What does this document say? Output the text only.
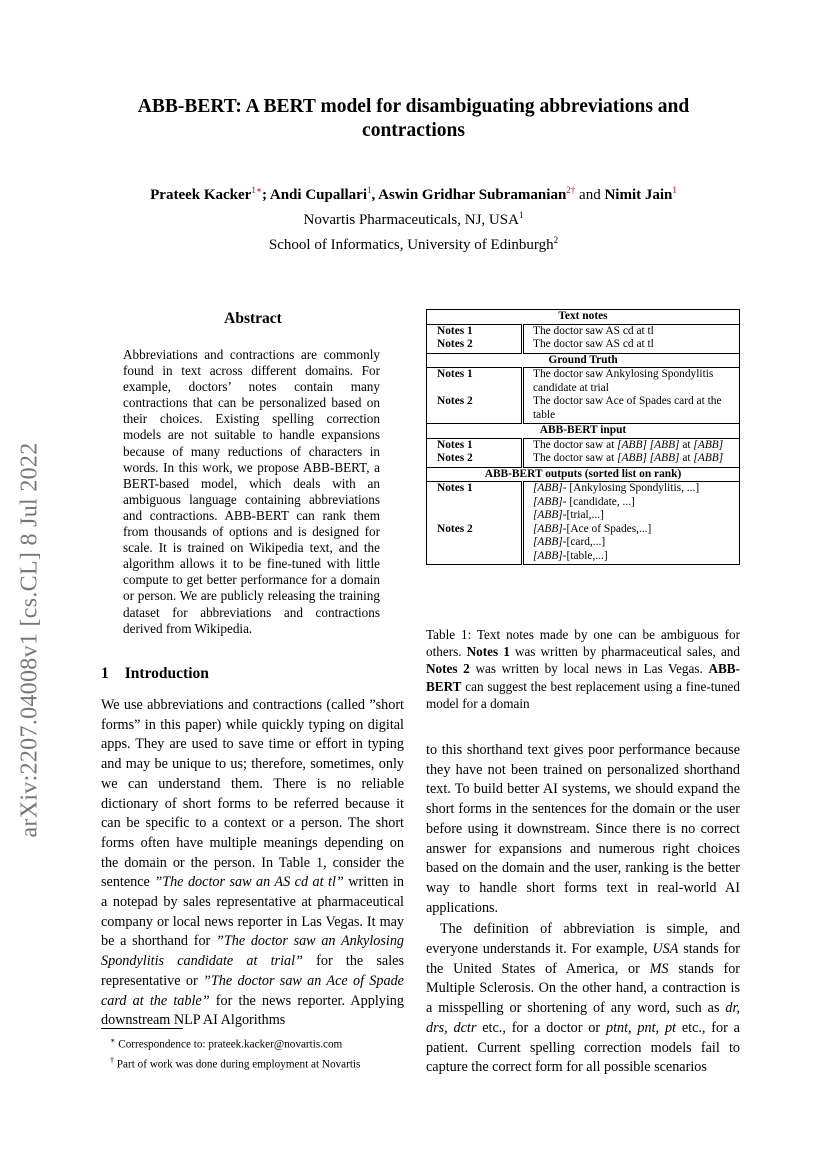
arXiv:2207.04008v1 [cs.CL] 8 Jul 2022
ABB-BERT: A BERT model for disambiguating abbreviations and
contractions
Prateek Kacker$^{1∗}$; Andi Cupallari$^1$, Aswin Gridhar Subramanian$^{2\dagger}$ and Nimit Jain$^1$
Novartis Pharmaceuticals, NJ, USA$^1$
School of Informatics, University of Edinburgh$^2$
Abstract
Abbreviations and contractions are commonly found in text across different domains. For example, doctors’ notes contain many contractions that can be personalized based on their choices. Existing spelling correction models are not suitable to handle expansions because of many reductions of characters in words. In this work, we propose ABB-BERT, a BERT-based model, which deals with an ambiguous language containing abbreviations and contractions. ABB-BERT can rank them from thousands of options and is designed for scale. It is trained on Wikipedia text, and the algorithm allows it to be fine-tuned with little compute to get better performance for a domain or person. We are publicly releasing the training dataset for abbreviations and contractions derived from Wikipedia.
1 Introduction
We use abbreviations and contractions (called ”short forms” in this paper) while quickly typing on digital apps. They are used to save time or effort in typing and may be unique to us; therefore, sometimes, only we can understand them. There is no reliable dictionary of short forms to be referred because it can be specific to a context or a person. The short forms often have multiple meanings depending on the domain or the person. In Table 1, consider the sentence ”The doctor saw an AS cd at tl” written in a notepad by sales representative at pharmaceutical company or local news reporter in Las Vegas. It may be a shorthand for ”The doctor saw an Ankylosing Spondylitis candidate at trial” for the sales representative or ”The doctor saw an Ace of Spade card at the table” for the news reporter. Applying downstream NLP AI Algorithms
∗ Correspondence to: prateek.kacker@novartis.com
† Part of work was done during employment at Novartis
Text notes	
Notes 1	The doctor saw AS cd at tl

Notes 2	The doctor saw AS cd at tl

Ground Truth	
Notes 1	The doctor saw Ankylosing Spondylitis candidate at trial

Notes 2	The doctor saw Ace of Spades card at the table

ABB-BERT input	
Notes 1	The doctor saw at [ABB] [ABB] at [ABB]

Notes 2	The doctor saw at [ABB] [ABB] at [ABB]

ABB-BERT outputs (sorted list on rank)	
Notes 1	[ABB]- [Ankylosing Spondylitis, ...]
[ABB]- [candidate, ...]
[ABB]-[trial,...]

Notes 2	[ABB]-[Ace of Spades,...]
[ABB]-[card,...]
[ABB]-[table,...]
Table 1: Text notes made by one can be ambiguous for others. Notes 1 was written by pharmaceutical sales, and Notes 2 was written by local news in Las Vegas. ABB-BERT can suggest the best replacement using a fine-tuned model for a domain

to this shorthand text gives poor performance because they have not been trained on personalized shorthand text. To build better AI systems, we should expand the short forms in the sentences for the domain or the user before using it downstream. Since there is no correct answer for expansions and numerous right choices based on the domain and the user, ranking is the better way to handle short forms text in real-world AI applications.

The definition of abbreviation is simple, and everyone understands it. For example, USA stands for the United States of America, or MS stands for Multiple Sclerosis. On the other hand, a contraction is a misspelling or shortening of any word, such as dr, drs, dctr etc., for a doctor or ptnt, pnt, pt etc., for a patient. Current spelling correction models fail to capture the correct form for all possible scenarios
